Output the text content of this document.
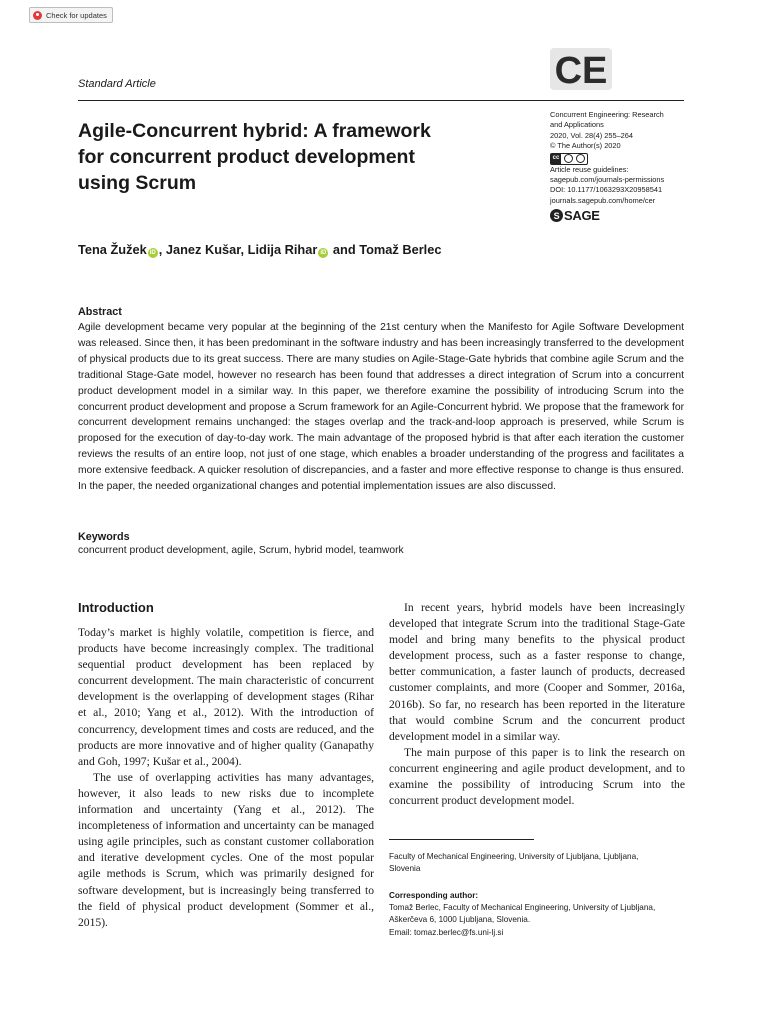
Check for updates
Standard Article	CE
Agile-Concurrent hybrid: A framework
for concurrent product development
using Scrum
Concurrent Engineering: Research
and Applications
2020, Vol. 28(4) 255–264
© The Author(s) 2020
cc
Article reuse guidelines:
sagepub.com/journals-permissions
DOI: 10.1177/1063293X20958541
journals.sagepub.com/home/cer
S SAGE
Tena Žužek iD , Janez Kušar, Lidija Rihar iD and Tomaž Berlec
Abstract

Agile development became very popular at the beginning of the 21st century when the Manifesto for Agile Software Development was released. Since then, it has been predominant in the software industry and has been increasingly transferred to the development of physical products due to its great success. There are many studies on Agile-Stage-Gate hybrids that combine agile Scrum and the traditional Stage-Gate model, however no research has been found that addresses a direct integration of Scrum into a concurrent product development model in a similar way. In this paper, we therefore examine the possibility of introducing Scrum into the concurrent product development and propose a Scrum framework for an Agile-Concurrent hybrid. We propose that the framework for concurrent development remains unchanged: the stages overlap and the track-and-loop approach is preserved, while Scrum is proposed for the execution of day-to-day work. The main advantage of the proposed hybrid is that after each iteration the customer reviews the results of an entire loop, not just of one stage, which enables a broader understanding of the progress and facilitates a more extensive feedback. A quicker resolution of discrepancies, and a faster and more effective response to change is thus ensured. In the paper, the needed organizational changes and potential implementation issues are also discussed.

Keywords
concurrent product development, agile, Scrum, hybrid model, teamwork
Introduction

Today’s market is highly volatile, competition is fierce, and products have become increasingly complex. The traditional sequential product development has been replaced by concurrent development. The main characteristic of concurrent development is the overlapping of development stages (Rihar et al., 2010; Yang et al., 2012). With the introduction of concurrency, development times and costs are reduced, and the products are more innovative and of higher quality (Ganapathy and Goh, 1997; Kušar et al., 2004).

The use of overlapping activities has many advantages, however, it also leads to new risks due to incomplete information and uncertainty (Yang et al., 2012). The incompleteness of information and uncertainty can be managed using agile principles, such as constant customer collaboration and iterative development cycles. One of the most popular agile methods is Scrum, which was primarily designed for software development, but is increasingly being transferred to the field of physical product development (Sommer et al., 2015).

In recent years, hybrid models have been increasingly developed that integrate Scrum into the traditional Stage-Gate model and bring many benefits to the physical product development process, such as a faster response to change, better communication, a faster launch of products, decreased customer complaints, and more (Cooper and Sommer, 2016a, 2016b). So far, no research has been reported in the literature that would combine Scrum and the concurrent product development model in a similar way.

The main purpose of this paper is to link the research on concurrent engineering and agile product development, and to examine the possibility of introducing Scrum into the concurrent product development model.

Faculty of Mechanical Engineering, University of Ljubljana, Ljubljana,
Slovenia
Corresponding author:
Tomaž Berlec, Faculty of Mechanical Engineering, University of Ljubljana,
Aškerčeva 6, 1000 Ljubljana, Slovenia.
Email: tomaz.berlec@fs.uni-lj.si
